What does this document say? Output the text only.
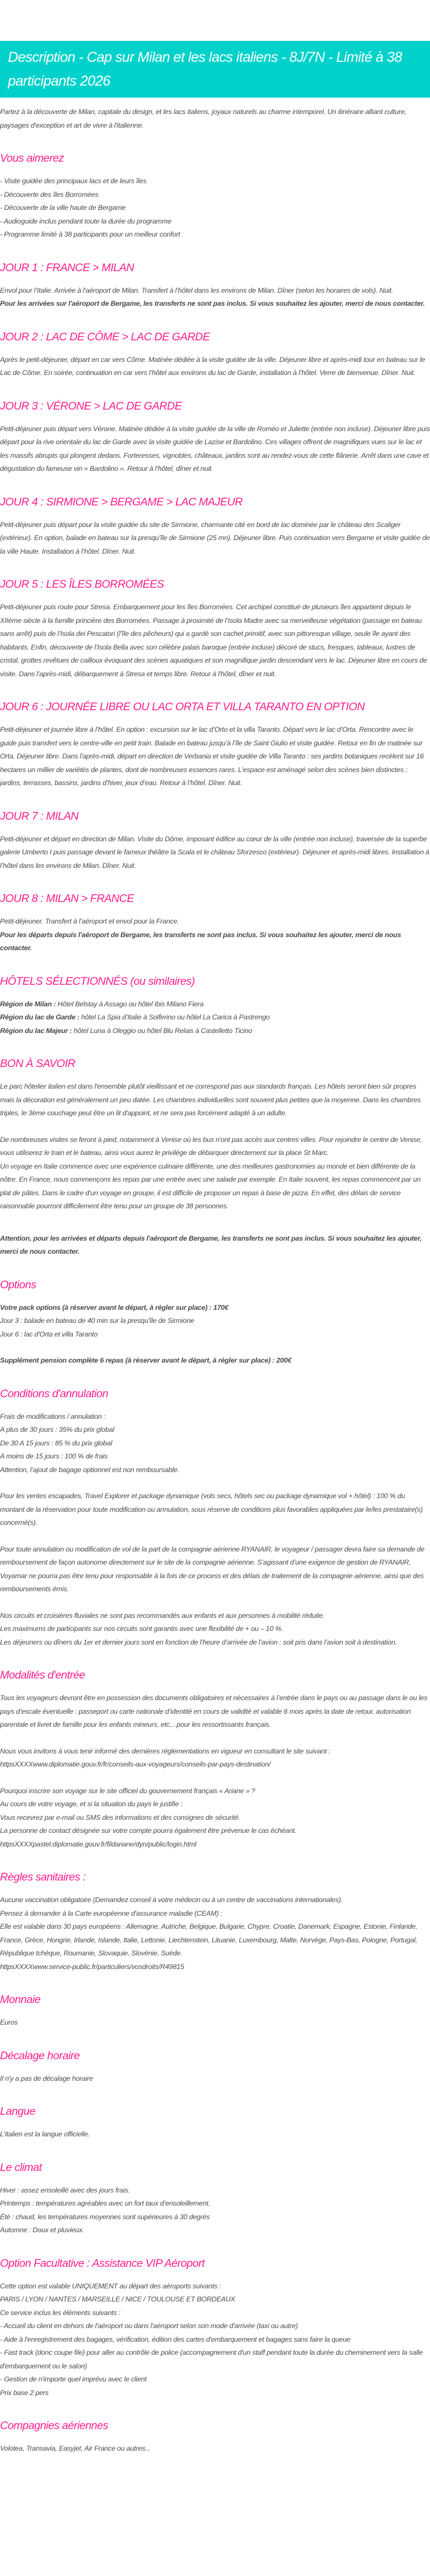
Description - Cap sur Milan et les lacs italiens - 8J/7N - Limité à 38 participants 2026

Partez à la découverte de Milan, capitale du design, et les lacs italiens, joyaux naturels au charme intemporel. Un itinéraire alliant culture, paysages d'exception et art de vivre à l'italienne.

Vous aimerez

- Visite guidée des principaux lacs et de leurs îles
- Découverte des îles Borromées
- Découverte de la ville haute de Bergame
- Audioguide inclus pendant toute la durée du programme
- Programme limité à 38 participants pour un meilleur confort

JOUR 1 : FRANCE > MILAN

Envol pour l’Italie. Arrivée à l'aéroport de Milan. Transfert à l’hôtel dans les environs de Milan. Dîner (selon les horaires de vols). Nuit.
Pour les arrivées sur l'aéroport de Bergame, les transferts ne sont pas inclus. Si vous souhaitez les ajouter, merci de nous contacter.

JOUR 2 : LAC DE CÔME > LAC DE GARDE

Après le petit-déjeuner, départ en car vers Côme. Matinée dédiée à la visite guidée de la ville. Déjeuner libre et après-midi tour en bateau sur le Lac de Côme. En soirée, continuation en car vers l’hôtel aux environs du lac de Garde, installation à l’hôtel. Verre de bienvenue. Dîner. Nuit.

JOUR 3 : VÉRONE > LAC DE GARDE

Petit-déjeuner puis départ vers Vérone. Matinée dédiée à la visite guidée de la ville de Roméo et Juliette (entrée non incluse). Déjeuner libre puis départ pour la rive orientale du lac de Garde avec la visite guidée de Lazise et Bardolino. Ces villages offrent de magnifiques vues sur le lac et les massifs abrupts qui plongent dedans. Forteresses, vignobles, châteaux, jardins sont au rendez-vous de cette flânerie. Arrêt dans une cave et dégustation du fameuse vin « Bardolino ». Retour à l’hôtel, dîner et nuit.

JOUR 4 : SIRMIONE > BERGAME > LAC MAJEUR

Petit-déjeuner puis départ pour la visite guidée du site de Sirmione, charmante cité en bord de lac dominée par le château des Scaliger (extérieur). En option, balade en bateau sur la presqu’île de Sirmione (25 mn). Déjeuner libre. Puis continuation vers Bergame et visite guidée de la ville Haute. Installation à l’hôtel. Dîner. Nuit.

JOUR 5 : LES ÎLES BORROMÉES

Petit-déjeuner puis route pour Stresa. Embarquement pour les îles Borromées. Cet archipel constitué de plusieurs îles appartient depuis le XIIème siècle à la famille princière des Borromées. Passage à proximité de l’Isola Madre avec sa merveilleuse végétation (passage en bateau sans arrêt) puis de l’Isola dei Pescatori (l’île des pêcheurs) qui a gardé son cachet primitif, avec son pittoresque village, seule île ayant des habitants. Enfin, découverte de l’Isola Bella avec son célèbre palais baroque (entrée incluse) décoré de stucs, fresques, tableaux, lustres de cristal, grottes revêtues de cailloux évoquant des scènes aquatiques et son magnifique jardin descendant vers le lac. Déjeuner libre en cours de visite. Dans l’après-midi, débarquement à Stresa et temps libre. Retour à l'hôtel, dîner et nuit.

JOUR 6 : JOURNÉE LIBRE OU LAC ORTA ET VILLA TARANTO EN OPTION

Petit-déjeuner et journée libre à l’hôtel. En option : excursion sur le lac d’Orto et la villa Taranto. Départ vers le lac d’Orta. Rencontre avec le guide puis transfert vers le centre-ville en petit train. Balade en bateau jusqu’à l’île de Saint Giulio et visite guidée. Retour en fin de matinée sur Orta. Déjeuner libre. Dans l'après-midi, départ en direction de Verbania et visite guidée de Villa Taranto : ses jardins botaniques recèlent sur 16 hectares un millier de variétés de plantes, dont de nombreuses essences rares. L’espace est aménagé selon des scènes bien distinctes ; jardins, terrasses, bassins, jardins d’hiver, jeux d’eau. Retour à l’hôtel. Dîner. Nuit.

JOUR 7 : MILAN

Petit-déjeuner et départ en direction de Milan. Visite du Dôme, imposant édifice au cœur de la ville (entrée non incluse), traversée de la superbe galerie Umberto I puis passage devant le fameux théâtre la Scala et le château Sforzesco (extérieur). Déjeuner et après-midi libres. Installation à l’hôtel dans les environs de Milan. Dîner. Nuit.

JOUR 8 : MILAN > FRANCE

Petit-déjeuner. Transfert à l’aéroport et envol pour la France.
Pour les départs depuis l'aéroport de Bergame, les transferts ne sont pas inclus. Si vous souhaitez les ajouter, merci de nous contacter.

HÔTELS SÉLECTIONNÉS (ou similaires)

Région de Milan : Hôtel Belstay à Assago ou hôtel Ibis Milano Fiera
Région du lac de Garde : hôtel La Spia d’Italie à Solferino ou hôtel La Carica à Pastrengo
Région du lac Majeur : hôtel Luna à Oleggio ou hôtel Blu Relais à Castelletto Ticino

BON À SAVOIR

Le parc hôtelier italien est dans l'ensemble plutôt vieillissant et ne correspond pas aux standards français. Les hôtels seront bien sûr propres mais la décoration est généralement un peu datée. Les chambres individuelles sont souvent plus petites que la moyenne. Dans les chambres triples, le 3ème couchage peut être un lit d'appoint, et ne sera pas forcément adapté à un adulte.

De nombreuses visites se feront à pied, notamment à Venise où les bus n'ont pas accès aux centres villes. Pour rejoindre le centre de Venise, vous utiliserez le train et le bateau, ainsi vous aurez le privilège de débarquer directement sur la place St Marc.
Un voyage en Italie commence avec une expérience culinaire différente, une des meilleures gastronomies au monde et bien différente de la nôtre. En France, nous commençons les repas par une entrée avec une salade par exemple. En Italie souvent, les repas commencent par un plat de pâtes. Dans le cadre d'un voyage en groupe, il est difficile de proposer un repas à base de pizza. En effet, des délais de service raisonnable pourront difficilement être tenu pour un groupe de 38 personnes.

Attention, pour les arrivées et départs depuis l'aéroport de Bergame, les transferts ne sont pas inclus. Si vous souhaitez les ajouter, merci de nous contacter.

Options

Votre pack options (à réserver avant le départ, à régler sur place) : 170€
Jour 3 : balade en bateau de 40 min sur la presqu'île de Sirmione
Jour 6 : lac d'Orta et villa Taranto

Supplément pension complète 6 repas (à réserver avant le départ, à régler sur place) : 200€

Conditions d'annulation

Frais de modifications / annulation :
A plus de 30 jours : 35% du prix global
De 30 A 15 jours : 85 % du prix global
A moins de 15 jours : 100 % de frais
Attention, l’ajout de bagage optionnel est non remboursable.

Pour les ventes escapades, Travel Explorer et package dynamique (vols secs, hôtels sec ou package dynamique vol + hôtel) : 100 % du montant de la réservation pour toute modification ou annulation, sous réserve de conditions plus favorables appliquées par le/les prestataire(s) concerné(s).

Pour toute annulation ou modification de vol de la part de la compagnie aérienne RYANAIR, le voyageur / passager devra faire sa demande de remboursement de façon autonome directement sur le site de la compagnie aérienne. S’agissant d’une exigence de gestion de RYANAIR, Voyamar ne pourra pas être tenu pour responsable à la fois de ce process et des délais de traitement de la compagnie aérienne, ainsi que des remboursements émis.

Nos circuits et croisières fluviales ne sont pas recommandés aux enfants et aux personnes à mobilité réduite.
Les maximums de participants sur nos circuits sont garantis avec une flexibilité de + ou – 10 %.
Les déjeuners ou dîners du 1er et dernier jours sont en fonction de l’heure d’arrivée de l’avion : soit pris dans l’avion soit à destination.

Modalités d'entrée

Tous les voyageurs devront être en possession des documents obligatoires et nécessaires à l’entrée dans le pays ou au passage dans le ou les pays d’escale éventuelle : passeport ou carte nationale d’identité en cours de validité et valable 6 mois après la date de retour, autorisation parentale et livret de famille pour les enfants mineurs, etc…pour les ressortissants français.

Nous vous invitons à vous tenir informé des dernières réglementations en vigueur en consultant le site suivant : httpsXXXXwww.diplomatie.gouv.fr/fr/conseils-aux-voyageurs/conseils-par-pays-destination/

Pourquoi inscrire son voyage sur le site officiel du gouvernement français « Ariane » ?
Au cours de votre voyage, et si la situation du pays le justifie :
Vous recevrez par e-mail ou SMS des informations et des consignes de sécurité.
La personne de contact désignée sur votre compte pourra également être prévenue le cas échéant.
httpsXXXXpastel.diplomatie.gouv.fr/fildariane/dyn/public/login.html

Règles sanitaires :

Aucune vaccination obligatoire (Demandez conseil à votre médecin ou à un centre de vaccinations internationales).
Pensez à demander à la Carte européenne d'assurance maladie (CEAM) :
Elle est valable dans 30 pays européens : Allemagne, Autriche, Belgique, Bulgarie, Chypre, Croatie, Danemark, Espagne, Estonie, Finlande, France, Grèce, Hongrie, Irlande, Islande, Italie, Lettonie, Liechtenstein, Lituanie, Luxembourg, Malte, Norvège, Pays-Bas, Pologne, Portugal, République tchèque, Roumanie, Slovaquie, Slovénie, Suède.
httpsXXXXwww.service-public.fr/particuliers/vosdroits/R49815

Monnaie

Euros

Décalage horaire

Il n'y a pas de décalage horaire

Langue

L'italien est la langue officielle.

Le climat

Hiver : assez ensoleillé avec des jours frais.
Printemps : températures agréables avec un fort taux d’ensoleillement.
Été : chaud, les températures moyennes sont supérieures à 30 degrés
Automne : Doux et pluvieux.

Option Facultative : Assistance VIP Aéroport

Cette option est valable UNIQUEMENT au départ des aéroports suivants :
PARIS / LYON / NANTES / MARSEILLE / NICE / TOULOUSE ET BORDEAUX
Ce service inclus les éléments suivants :
- Accueil du client en dehors de l'aéroport ou dans l'aéroport selon son mode d'arrivée (taxi ou autre)
- Aide à l'enregistrement des bagages, vérification, édition des cartes d'embarquement et bagages sans faire la queue
- Fast track (donc coupe file) pour aller au contrôle de police (accompagnement d'un staff pendant toute la durée du cheminement vers la salle d'embarquement ou le salon)
- Gestion de n'importe quel imprévu avec le client
Prix base 2 pers

Compagnies aériennes

Volotea, Transavia, Easyjet, Air France ou autres...
